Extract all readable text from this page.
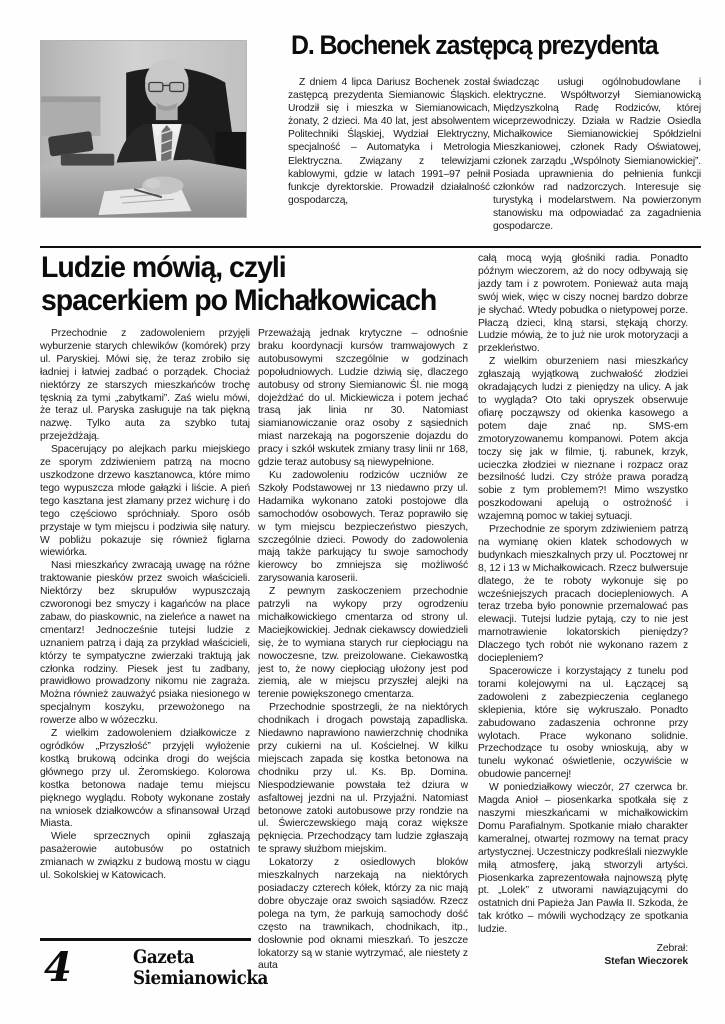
D. Bochenek zastępcą prezydenta

Z dniem 4 lipca Dariusz Bochenek został zastępcą prezydenta Siemianowic Śląskich. Urodził się i mieszka w Siemianowicach, żonaty, 2 dzieci. Ma 40 lat, jest absolwentem Politechniki Śląskiej, Wydział Elektryczny, specjalność – Automatyka i Metrologia Elektryczna. Związany z telewizjami kablowymi, gdzie w latach 1991–97 pełnił funkcje dyrektorskie. Prowadził działalność gospodarczą,

świadcząc usługi ogólnobudowlane i elektryczne. Współtworzył Siemianowicką Międzyszkolną Radę Rodziców, której wiceprzewodniczy. Działa w Radzie Osiedla Michałkowice Siemianowickiej Spółdzielni Mieszkaniowej, członek Rady Oświatowej, członek zarządu „Wspólnoty Siemianowickiej”. Posiada uprawnienia do pełnienia funkcji członków rad nadzorczych. Interesuje się turystyką i modelarstwem. Na powierzonym stanowisku ma odpowiadać za zagadnienia gospodarcze.

Ludzie mówią, czyli
spacerkiem po Michałkowicach

Przechodnie z zadowoleniem przyjęli wyburzenie starych chlewików (komórek) przy ul. Paryskiej. Mówi się, że teraz zrobiło się ładniej i łatwiej zadbać o porządek. Chociaż niektórzy ze starszych mieszkańców trochę tęsknią za tymi „zabytkami”. Zaś wielu mówi, że teraz ul. Paryska zasługuje na tak piękną nazwę. Tylko auta za szybko tutaj przejeżdżają.

Spacerujący po alejkach parku miejskiego ze sporym zdziwieniem patrzą na mocno uszkodzone drzewo kasztanowca, które mimo tego wypuszcza młode gałązki i liście. A pień tego kasztana jest złamany przez wichurę i do tego częściowo spróchniały. Sporo osób przystaje w tym miejscu i podziwia siłę natury. W pobliżu pokazuje się również figlarna wiewiórka.

Nasi mieszkańcy zwracają uwagę na różne traktowanie piesków przez swoich właścicieli. Niektórzy bez skrupułów wypuszczają czworonogi bez smyczy i kagańców na place zabaw, do piaskownic, na zieleńce a nawet na cmentarz! Jednocześnie tutejsi ludzie z uznaniem patrzą i dają za przykład właścicieli, którzy te sympatyczne zwierzaki traktują jak członka rodziny. Piesek jest tu zadbany, prawidłowo prowadzony nikomu nie zagraża. Można również zauważyć psiaka niesionego w specjalnym koszyku, przewożonego na rowerze albo w wózeczku.

Z wielkim zadowoleniem działkowicze z ogródków „Przyszłość” przyjęli wyłożenie kostką brukową odcinka drogi do wejścia głównego przy ul. Żeromskiego. Kolorowa kostka betonowa nadaje temu miejscu pięknego wyglądu. Roboty wykonane zostały na wniosek działkowców a sfinansował Urząd Miasta.

Wiele sprzecznych opinii zgłaszają pasażerowie autobusów po ostatnich zmianach w związku z budową mostu w ciągu ul. Sokolskiej w Katowicach.

Przeważają jednak krytyczne – odnośnie braku koordynacji kursów tramwajowych z autobusowymi szczególnie w godzinach popołudniowych. Ludzie dziwią się, dlaczego autobusy od strony Siemianowic Śl. nie mogą dojeżdżać do ul. Mickiewicza i potem jechać trasą jak linia nr 30. Natomiast siamianowiczanie oraz osoby z sąsiednich miast narzekają na pogorszenie dojazdu do pracy i szkół wskutek zmiany trasy linii nr 168, gdzie teraz autobusy są niewypełnione.

Ku zadowoleniu rodziców uczniów ze Szkoły Podstawowej nr 13 niedawno przy ul. Hadamika wykonano zatoki postojowe dla samochodów osobowych. Teraz poprawiło się w tym miejscu bezpieczeństwo pieszych, szczególnie dzieci. Powody do zadowolenia mają także parkujący tu swoje samochody kierowcy bo zmniejsza się możliwość zarysowania karoserii.

Z pewnym zaskoczeniem przechodnie patrzyli na wykopy przy ogrodzeniu michałkowickiego cmentarza od strony ul. Maciejkowickiej. Jednak ciekawscy dowiedzieli się, że to wymiana starych rur ciepłociągu na nowoczesne, tzw. preizolowane. Ciekawostką jest to, że nowy ciepłociąg ułożony jest pod ziemią, ale w miejscu przyszłej alejki na terenie powiększonego cmentarza.

Przechodnie spostrzegli, że na niektórych chodnikach i drogach powstają zapadliska. Niedawno naprawiono nawierzchnię chodnika przy cukierni na ul. Kościelnej. W kilku miejscach zapada się kostka betonowa na chodniku przy ul. Ks. Bp. Domina. Niespodziewanie powstała też dziura w asfaltowej jezdni na ul. Przyjaźni. Natomiast betonowe zatoki autobusowe przy rondzie na ul. Świerczewskiego mają coraz większe pęknięcia. Przechodzący tam ludzie zgłaszają te sprawy służbom miejskim.

Lokatorzy z osiedlowych bloków mieszkalnych narzekają na niektórych posiadaczy czterech kółek, którzy za nic mają dobre obyczaje oraz swoich sąsiadów. Rzecz polega na tym, że parkują samochody dość często na trawnikach, chodnikach, itp., dosłownie pod oknami mieszkań. To jeszcze lokatorzy są w stanie wytrzymać, ale niestety z auta

całą mocą wyją głośniki radia. Ponadto późnym wieczorem, aż do nocy odbywają się jazdy tam i z powrotem. Ponieważ auta mają swój wiek, więc w ciszy nocnej bardzo dobrze je słychać. Wtedy pobudka o nietypowej porze. Płaczą dzieci, klną starsi, stękają chorzy. Ludzie mówią, że to już nie urok motoryzacji a przekleństwo.

Z wielkim oburzeniem nasi mieszkańcy zgłaszają wyjątkową zuchwałość złodziei okradających ludzi z pieniędzy na ulicy. A jak to wygląda? Oto taki opryszek obserwuje ofiarę począwszy od okienka kasowego a potem daje znać np. SMS-em zmotoryzowanemu kompanowi. Potem akcja toczy się jak w filmie, tj. rabunek, krzyk, ucieczka złodziei w nieznane i rozpacz oraz bezsilność ludzi. Czy stróże prawa poradzą sobie z tym problemem?! Mimo wszystko poszkodowani apelują o ostrożność i wzajemną pomoc w takiej sytuacji.

Przechodnie ze sporym zdziwieniem patrzą na wymianę okien klatek schodowych w budynkach mieszkalnych przy ul. Pocztowej nr 8, 12 i 13 w Michałkowicach. Rzecz bulwersuje dlatego, że te roboty wykonuje się po wcześniejszych pracach dociepleniowych. A teraz trzeba było ponownie przemalować pas elewacji. Tutejsi ludzie pytają, czy to nie jest marnotrawienie lokatorskich pieniędzy? Dlaczego tych robót nie wykonano razem z dociepleniem?

Spacerowicze i korzystający z tunelu pod torami kolejowymi na ul. Łączącej są zadowoleni z zabezpieczenia ceglanego sklepienia, które się wykruszało. Ponadto zabudowano zadaszenia ochronne przy wylotach. Prace wykonano solidnie. Przechodzące tu osoby wnioskują, aby w tunelu wykonać oświetlenie, oczywiście w obudowie pancernej!

W poniedziałkowy wieczór, 27 czerwca br. Magda Anioł – piosenkarka spotkała się z naszymi mieszkańcami w michałkowickim Domu Parafialnym. Spotkanie miało charakter kameralnej, otwartej rozmowy na temat pracy artystycznej. Uczestniczy podkreślali niezwykle miłą atmosferę, jaką stworzyli artyści. Piosenkarka zaprezentowała najnowszą płytę pt. „Lolek” z utworami nawiązującymi do ostatnich dni Papieża Jan Pawła II. Szkoda, że tak krótko – mówili wychodzący ze spotkania ludzie.

Zebrał:
Stefan Wieczorek

4	Gazeta
Siemianowicka
